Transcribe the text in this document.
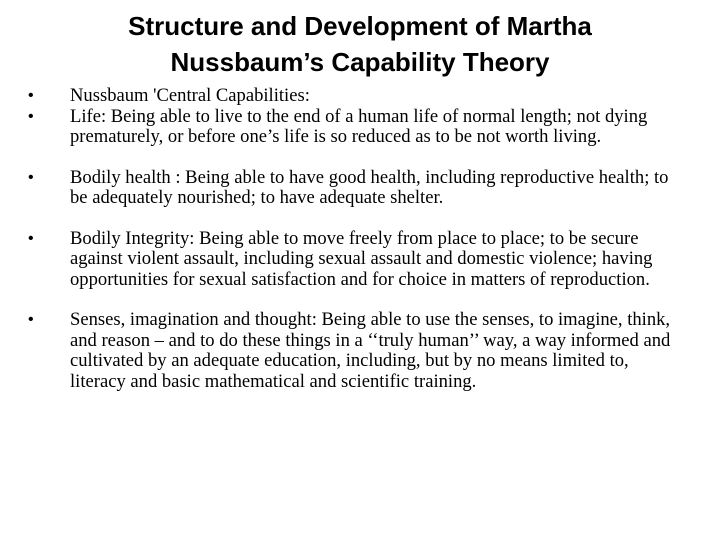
Structure and Development of Martha
Nussbaum’s Capability Theory

•	Nussbaum 'Central Capabilities:

•	Life: Being able to live to the end of a human life of normal length; not dying prematurely, or before one’s life is so reduced as to be not worth living.

•	Bodily health : Being able to have good health, including reproductive health; to be adequately nourished; to have adequate shelter.

•	Bodily Integrity: Being able to move freely from place to place; to be secure against violent assault, including sexual assault and domestic violence; having opportunities for sexual satisfaction and for choice in matters of reproduction.

•	Senses, imagination and thought: Being able to use the senses, to imagine, think, and reason – and to do these things in a ‘‘truly human’’ way, a way informed and cultivated by an adequate education, including, but by no means limited to, literacy and basic mathematical and scientific training.
